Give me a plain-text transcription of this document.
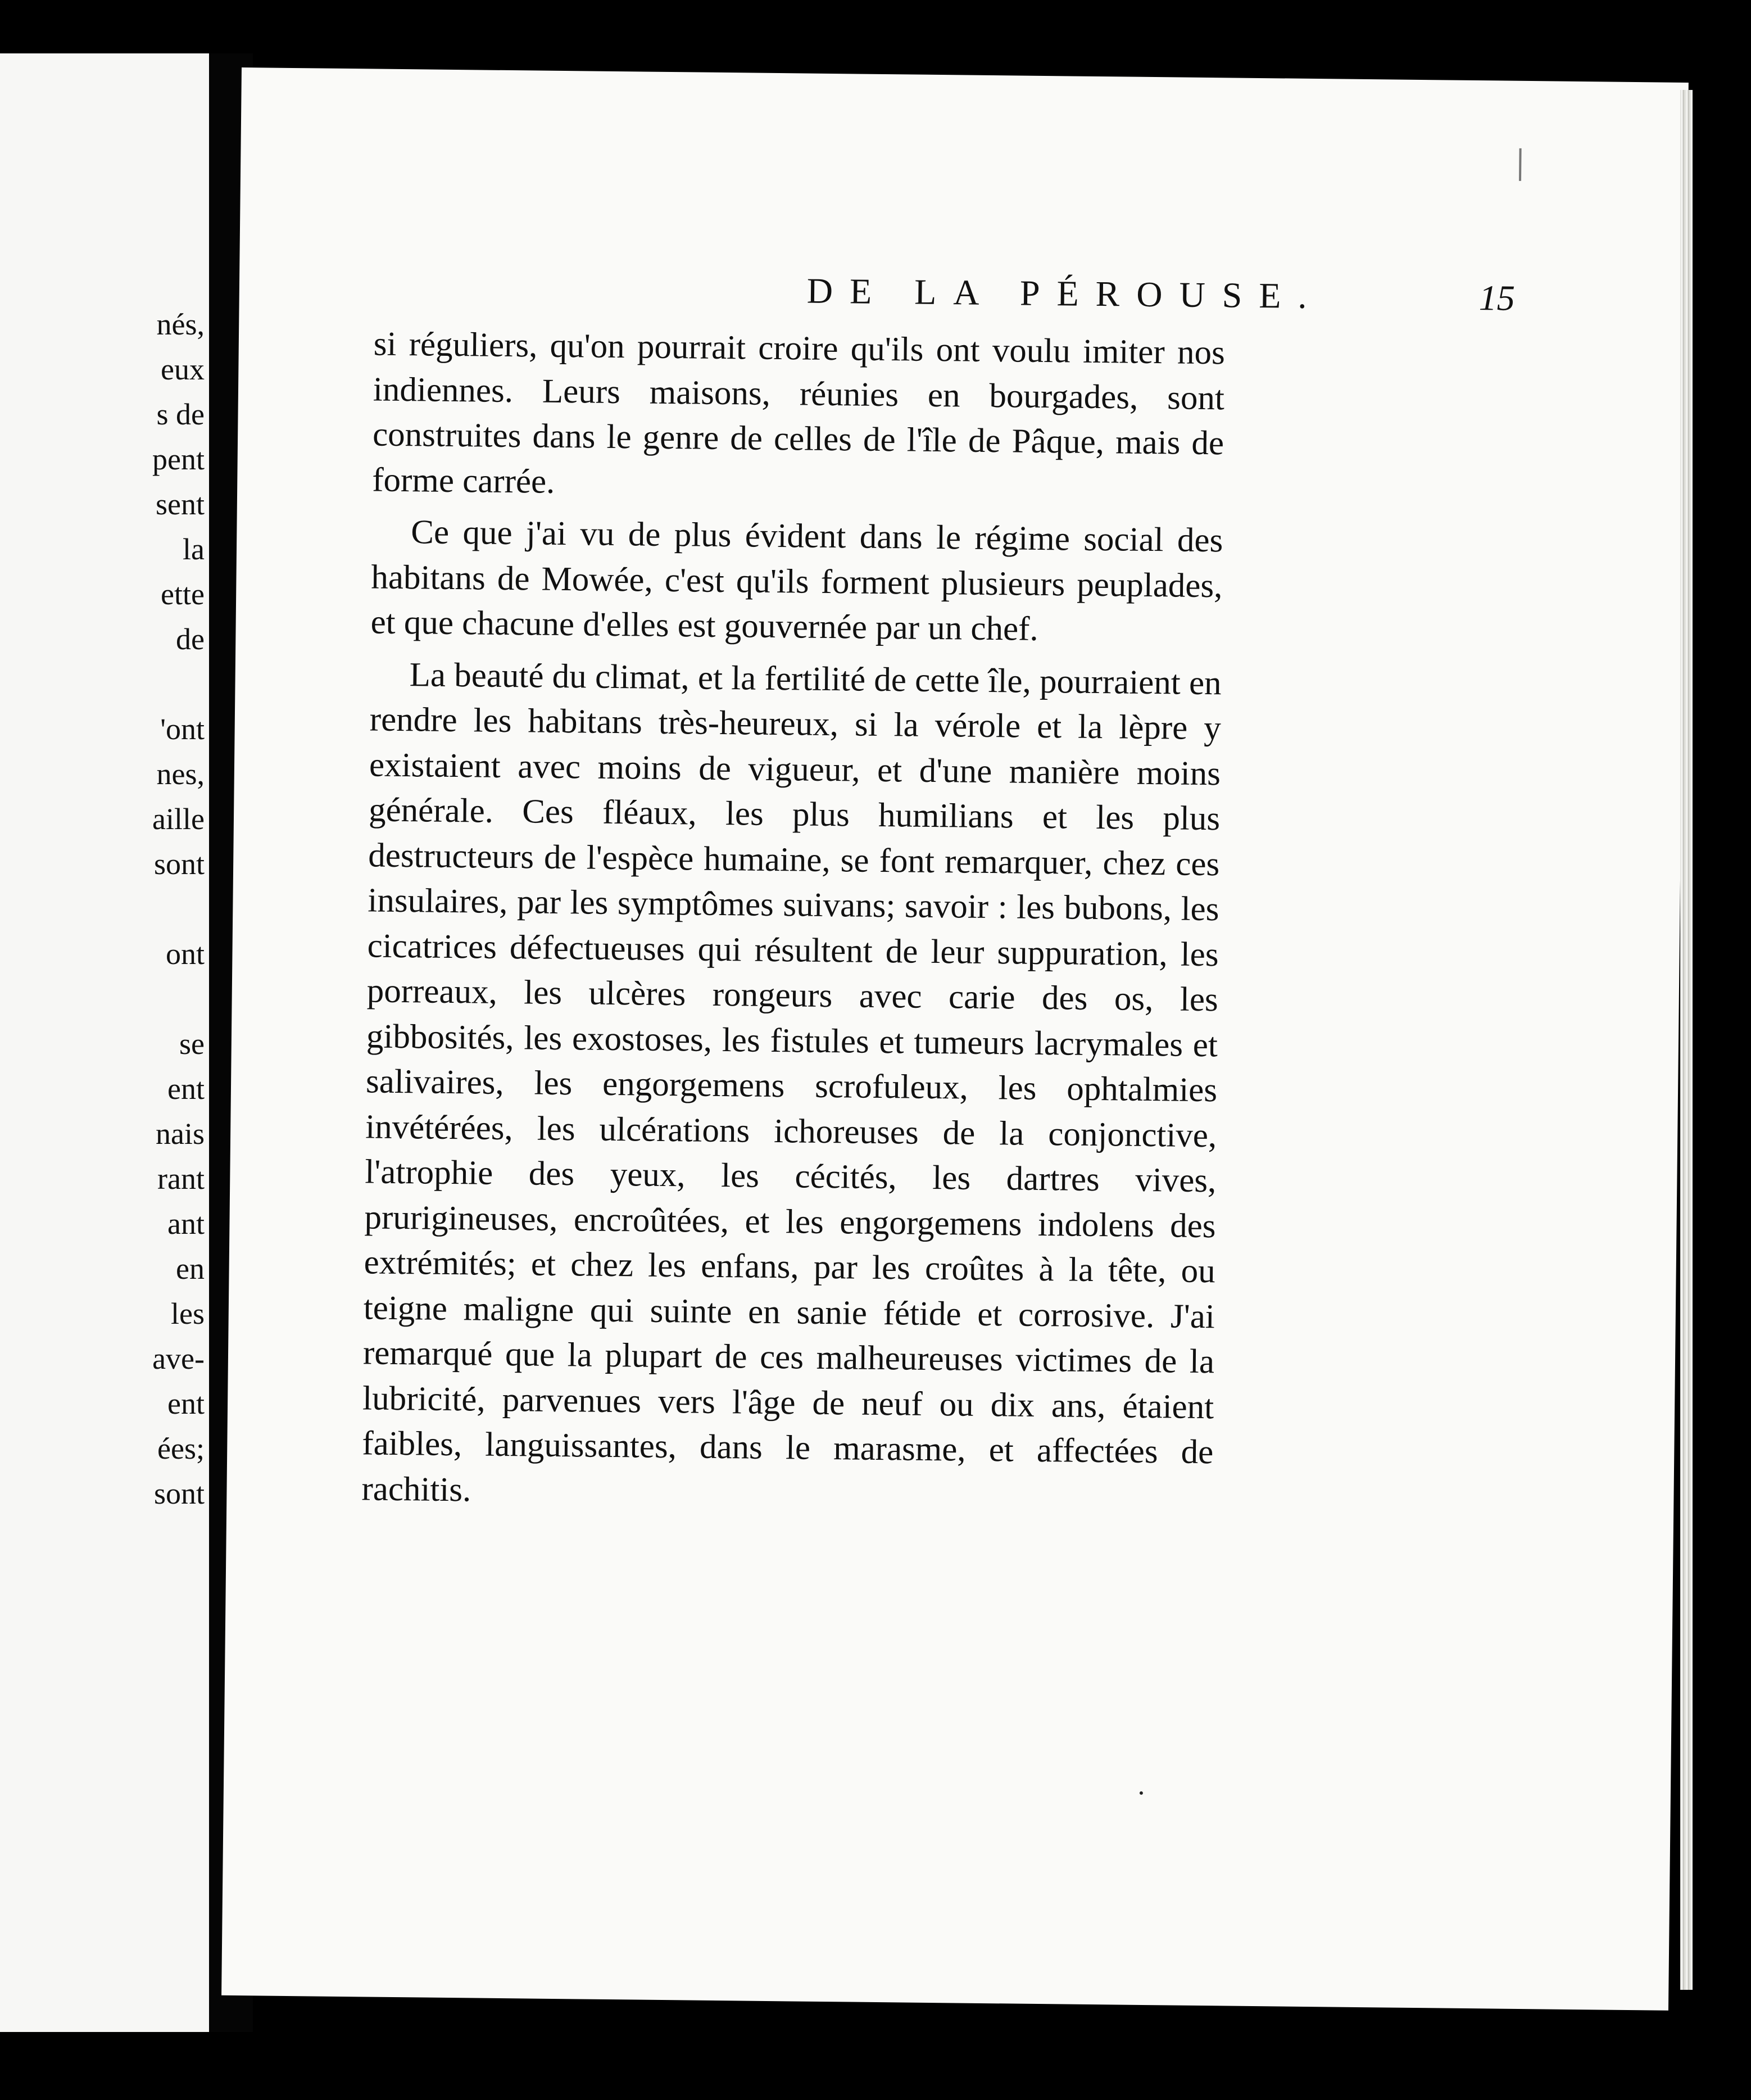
nés,
eux
s de
pent
sent
la
ette
de
'ont
nes,
aille
sont
ont
se
ent
nais
rant
ant
en
les
ave-
ent
ées;
sont
DE LA PÉROUSE.	15

si réguliers, qu'on pourrait croire qu'ils ont voulu imiter nos indiennes. Leurs maisons, réunies en bourgades, sont construites dans le genre de celles de l'île de Pâque, mais de forme carrée.

Ce que j'ai vu de plus évident dans le régime social des habitans de Mowée, c'est qu'ils forment plusieurs peuplades, et que chacune d'elles est gouvernée par un chef.

La beauté du climat, et la fertilité de cette île, pourraient en rendre les habitans très-heureux, si la vérole et la lèpre y existaient avec moins de vigueur, et d'une manière moins générale. Ces fléaux, les plus humilians et les plus destructeurs de l'espèce humaine, se font remarquer, chez ces insulaires, par les symptômes suivans; savoir : les bubons, les cicatrices défectueuses qui résultent de leur suppuration, les porreaux, les ulcères rongeurs avec carie des os, les gibbosités, les exostoses, les fistules et tumeurs lacrymales et salivaires, les engorgemens scrofuleux, les ophtalmies invétérées, les ulcérations ichoreuses de la conjonctive, l'atrophie des yeux, les cécités, les dartres vives, prurigineuses, encroûtées, et les engorgemens indolens des extrémités; et chez les enfans, par les croûtes à la tête, ou teigne maligne qui suinte en sanie fétide et corrosive. J'ai remarqué que la plupart de ces malheureuses victimes de la lubricité, parvenues vers l'âge de neuf ou dix ans, étaient faibles, languissantes, dans le marasme, et affectées de rachitis.
